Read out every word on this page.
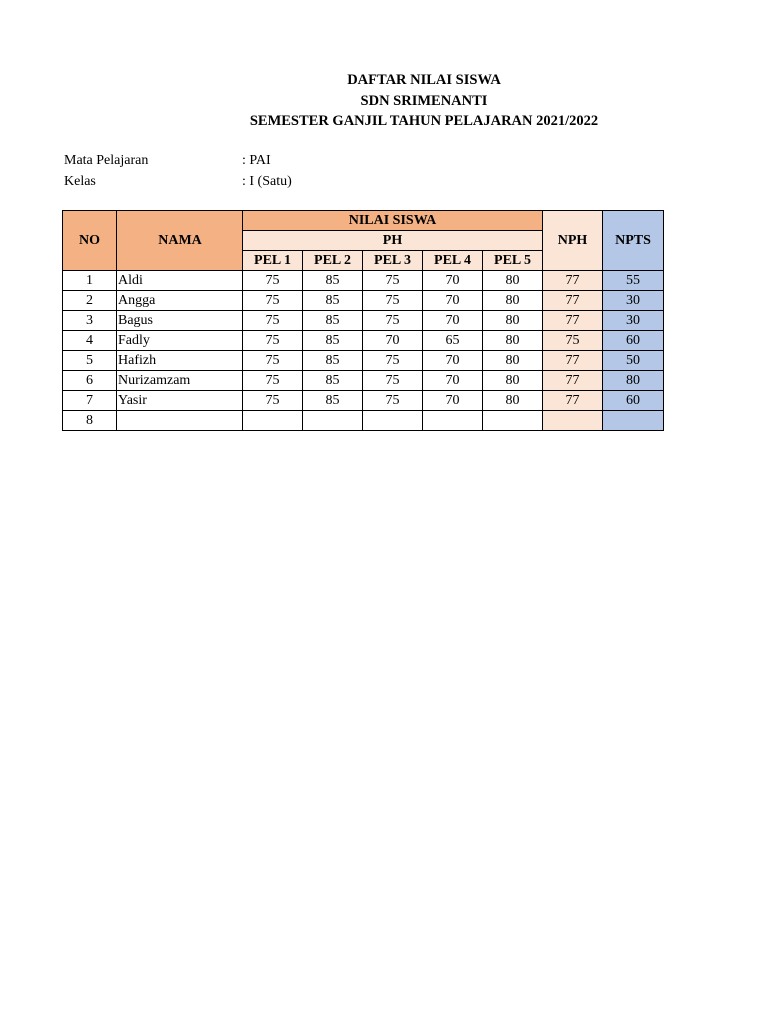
DAFTAR NILAI SISWA
SDN SRIMENANTI
SEMESTER GANJIL TAHUN PELAJARAN 2021/2022
Mata Pelajaran	: PAI
Kelas	: I (Satu)
NO	NAMA	NILAI SISWA					NPH	NPTS
		PH						
		PEL 1	PEL 2	PEL 3	PEL 4	PEL 5		
1	Aldi	75	85	75	70	80	77	55
2	Angga	75	85	75	70	80	77	30
3	Bagus	75	85	75	70	80	77	30
4	Fadly	75	85	70	65	80	75	60
5	Hafizh	75	85	75	70	80	77	50
6	Nurizamzam	75	85	75	70	80	77	80
7	Yasir	75	85	75	70	80	77	60
8								
